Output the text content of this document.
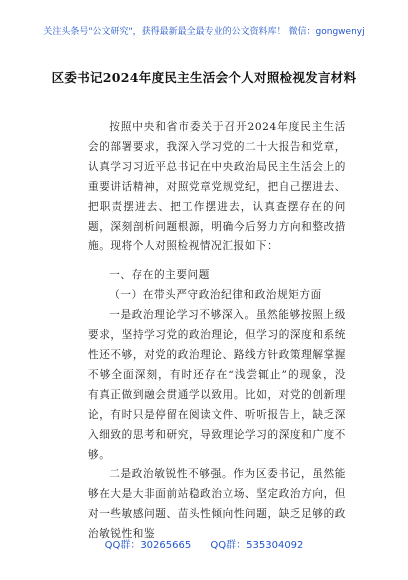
关注头条号"公文研究"，获得最新最全最专业的公文资料库！ 微信：gongwenyj
区委书记2024年度民主生活会个人对照检视发言材料

按照中央和省市委关于召开2024年度民主生活会的部署要求，我深入学习党的二十大报告和党章，认真学习习近平总书记在中央政治局民主生活会上的重要讲话精神，对照党章党规党纪，把自己摆进去、把职责摆进去、把工作摆进去，认真查摆存在的问题，深刻剖析问题根源，明确今后努力方向和整改措施。现将个人对照检视情况汇报如下：

一、存在的主要问题

（一）在带头严守政治纪律和政治规矩方面

一是政治理论学习不够深入。虽然能够按照上级要求，坚持学习党的政治理论，但学习的深度和系统性还不够，对党的政治理论、路线方针政策理解掌握不够全面深刻，有时还存在“浅尝辄止”的现象，没有真正做到融会贯通学以致用。比如，对党的创新理论，有时只是停留在阅读文件、听听报告上，缺乏深入细致的思考和研究，导致理论学习的深度和广度不够。

二是政治敏锐性不够强。作为区委书记，虽然能够在大是大非面前站稳政治立场、坚定政治方向，但对一些敏感问题、苗头性倾向性问题，缺乏足够的政治敏锐性和鉴

QQ群：30265665 QQ群：535304092
